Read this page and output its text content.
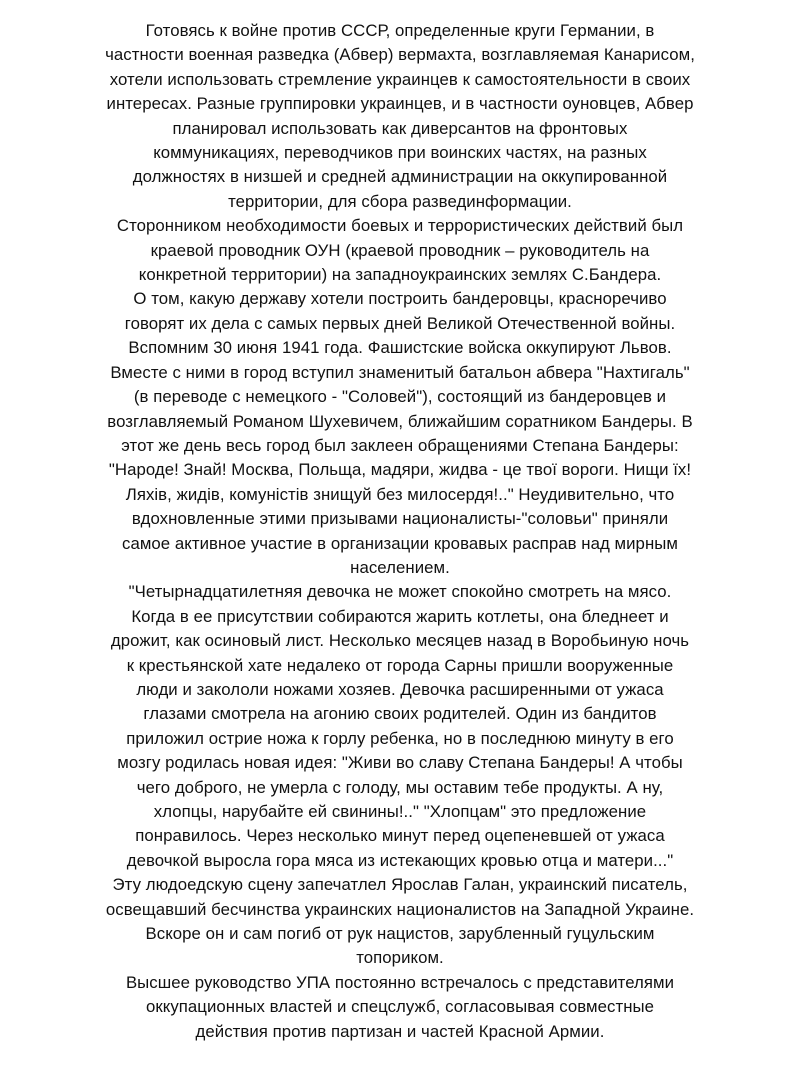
Готовясь к войне против СССР, определенные круги Германии, в
частности военная разведка (Абвер) вермахта, возглавляемая Канарисом,
хотели использовать стремление украинцев к самостоятельности в своих
интересах. Разные группировки украинцев, и в частности оуновцев, Абвер
планировал использовать как диверсантов на фронтовых
коммуникациях, переводчиков при воинских частях, на разных
должностях в низшей и средней администрации на оккупированной
территории, для сбора развединформации.
Сторонником необходимости боевых и террористических действий был
краевой проводник ОУН (краевой проводник – руководитель на
конкретной территории) на западноукраинских землях С.Бандера.
О том, какую державу хотели построить бандеровцы, красноречиво
говорят их дела с самых первых дней Великой Отечественной войны.
Вспомним 30 июня 1941 года. Фашистские войска оккупируют Львов.
Вместе с ними в город вступил знаменитый батальон абвера "Нахтигаль"
(в переводе с немецкого - "Соловей"), состоящий из бандеровцев и
возглавляемый Романом Шухевичем, ближайшим соратником Бандеры. В
этот же день весь город был заклеен обращениями Степана Бандеры:
"Народе! Знай! Москва, Польща, мадяри, жидва - це твої вороги. Нищи їх!
Ляхів, жидів, комуністів знищуй без милосердя!.." Неудивительно, что
вдохновленные этими призывами националисты-"соловьи" приняли
самое активное участие в организации кровавых расправ над мирным
населением.
"Четырнадцатилетняя девочка не может спокойно смотреть на мясо.
Когда в ее присутствии собираются жарить котлеты, она бледнеет и
дрожит, как осиновый лист. Несколько месяцев назад в Воробьиную ночь
к крестьянской хате недалеко от города Сарны пришли вооруженные
люди и закололи ножами хозяев. Девочка расширенными от ужаса
глазами смотрела на агонию своих родителей. Один из бандитов
приложил острие ножа к горлу ребенка, но в последнюю минуту в его
мозгу родилась новая идея: "Живи во славу Степана Бандеры! А чтобы
чего доброго, не умерла с голоду, мы оставим тебе продукты. А ну,
хлопцы, нарубайте ей свинины!.." "Хлопцам" это предложение
понравилось. Через несколько минут перед оцепеневшей от ужаса
девочкой выросла гора мяса из истекающих кровью отца и матери..."
Эту людоедскую сцену запечатлел Ярослав Галан, украинский писатель,
освещавший бесчинства украинских националистов на Западной Украине.
Вскоре он и сам погиб от рук нацистов, зарубленный гуцульским
топориком.
Высшее руководство УПА постоянно встречалось с представителями
оккупационных властей и спецслужб, согласовывая совместные
действия против партизан и частей Красной Армии.
